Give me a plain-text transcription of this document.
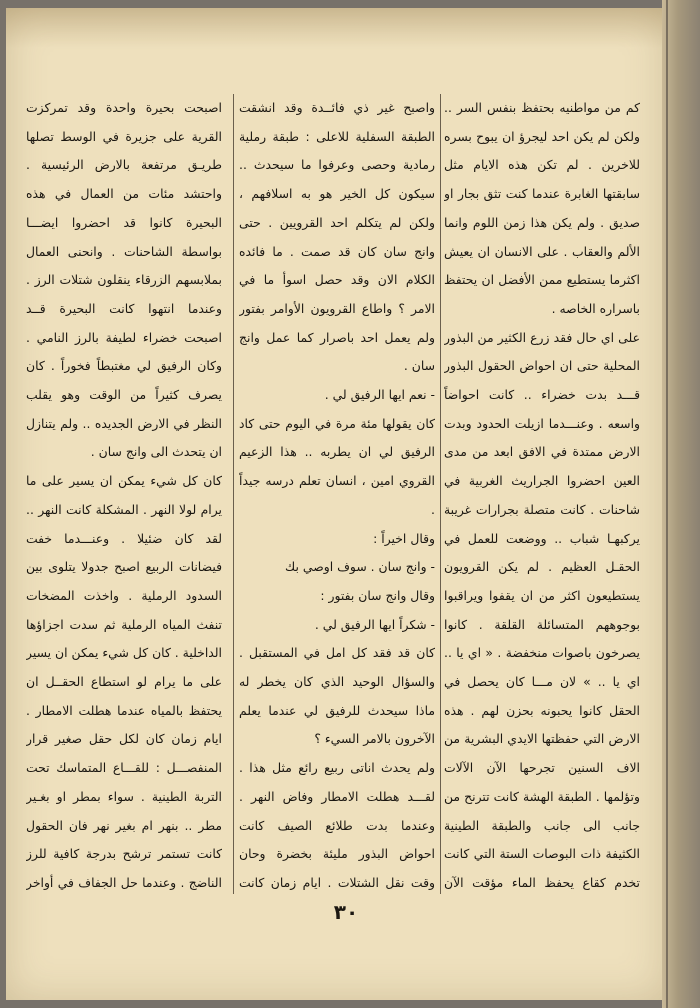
كم من مواطنيه بحتفظ بنفس السر .. ولكن لم يكن احد ليجرؤ ان يبوح بسره للاخرين . لم تكن هذه الايام مثل سابقتها الغابرة عندما كنت تثق بجار او صديق . ولم يكن هذا زمن اللوم وانما الألم والعقاب . على الانسان ان يعيش اكثرما يستطيع ممن الأفضل ان يحتفظ باسراره الخاصه .
على اي حال فقد زرع الكثير من البذور المحلية حتى ان احواض الحقول البذور قـــد بدت خضراء .. كانت احواضاً واسعه . وعنـــدما ازيلت الحدود وبدت الارض ممتدة في الافق ابعد من مدى العين احضروا الجراريث الغربية في شاحنات . كانت متصلة بجرارات غريبة يركبهـا شباب .. ووضعت للعمل في الحقـل العظيم . لم يكن القرويون يستطيعون اكثر من ان يقفوا ويراقبوا بوجوههم المتسائلة القلقة . كانوا يصرخون باصوات منخفضة . « اي يا .. اي يا .. » لان مـــا كان يحصل في الحقل كانوا يحبونه بحزن لهم . هذه الارض التي حفظتها الايدي البشرية من الاف السنين تجرحها الآن الآلات وتؤلمها . الطبقة الهشة كانت تترنح من جانب الى جانب والطبقة الطينية الكثيفة ذات البوصات الستة التي كانت تخدم كقاع يحفظ الماء مؤقت الآن

واصبح غير ذي فائــدة وقد انشقت الطبقة السفلية للاعلى : طبقة رملية رمادية وحصى وعرفوا ما سيحدث .. سيكون كل الخير هو به اسلافهم ، ولكن لم يتكلم احد القرويين . حتى وانج سان كان قد صمت . ما فائده الكلام الان وقد حصل اسوأ ما في الامر ؟ واطاع القرويون الأوامر بفتور ولم يعمل احد باصرار كما عمل وانج سان .
- نعم ايها الرفيق لي .
كان يقولها مئة مرة في اليوم حتى كاد الرفيق لي ان يطربه .. هذا الزعيم القروي امين ، انسان تعلم درسه جيداً .
وقال اخيراً :
- وانج سان . سوف اوصي بك
وقال وانج سان بفتور :
- شكراً ايها الرفيق لي .
كان قد فقد كل امل في المستقبل . والسؤال الوحيد الذي كان يخطر له ماذا سيحدث للرفيق لي عندما يعلم الآخرون بالامر السيء ؟
ولم يحدث اناتى ربيع رائع مثل هذا . لقـــد هطلت الامطار وفاض النهر . وعندما بدت طلائع الصيف كانت احواض البذور مليئة بخضرة وحان وقت نقل الشتلات . ايام زمان كانت
اصبحت بحيرة واحدة وقد تمركزت القرية على جزيرة في الوسط تصلها طريـق مرتفعة بالارض الرئيسية . واحتشد مئات من العمال في هذه البحيرة كانوا قد احضروا ايضـــا بواسطة الشاحنات . وانحنى العمال بملابسهم الزرقاء ينقلون شتلات الرز . وعندما انتهوا كانت البحيرة قــد اصبحت خضراء لطيفة بالرز النامي . وكان الرفيق لي مغتبطاً فخوراً . كان يصرف كثيراً من الوقت وهو يقلب النظر في الارض الجديده .. ولم يتنازل ان يتحدث الى وانج سان .
كان كل شيء يمكن ان يسير على ما يرام لولا النهر . المشكلة كانت النهر .. لقد كان ضئيلا . وعنـــدما خفت فيضانات الربيع اصبح جدولا يتلوى بين السدود الرملية . واخذت المضخات تنفث المياه الرملية ثم سدت اجزاؤها الداخلية . كان كل شيء يمكن ان يسير على ما يرام لو استطاع الحقــل ان يحتفظ بالمياه عندما هطلت الامطار . ايام زمان كان لكل حقل صغير قرار المنفصـــل : للقـــاع المتماسك تحت التربة الطينية . سواء بمطر او بغـير مطر .. بنهر ام بغير نهر فان الحقول كانت تستمر ترشح بدرجة كافية للرز الناضج . وعندما حل الجفاف في أواخر

٣٠
